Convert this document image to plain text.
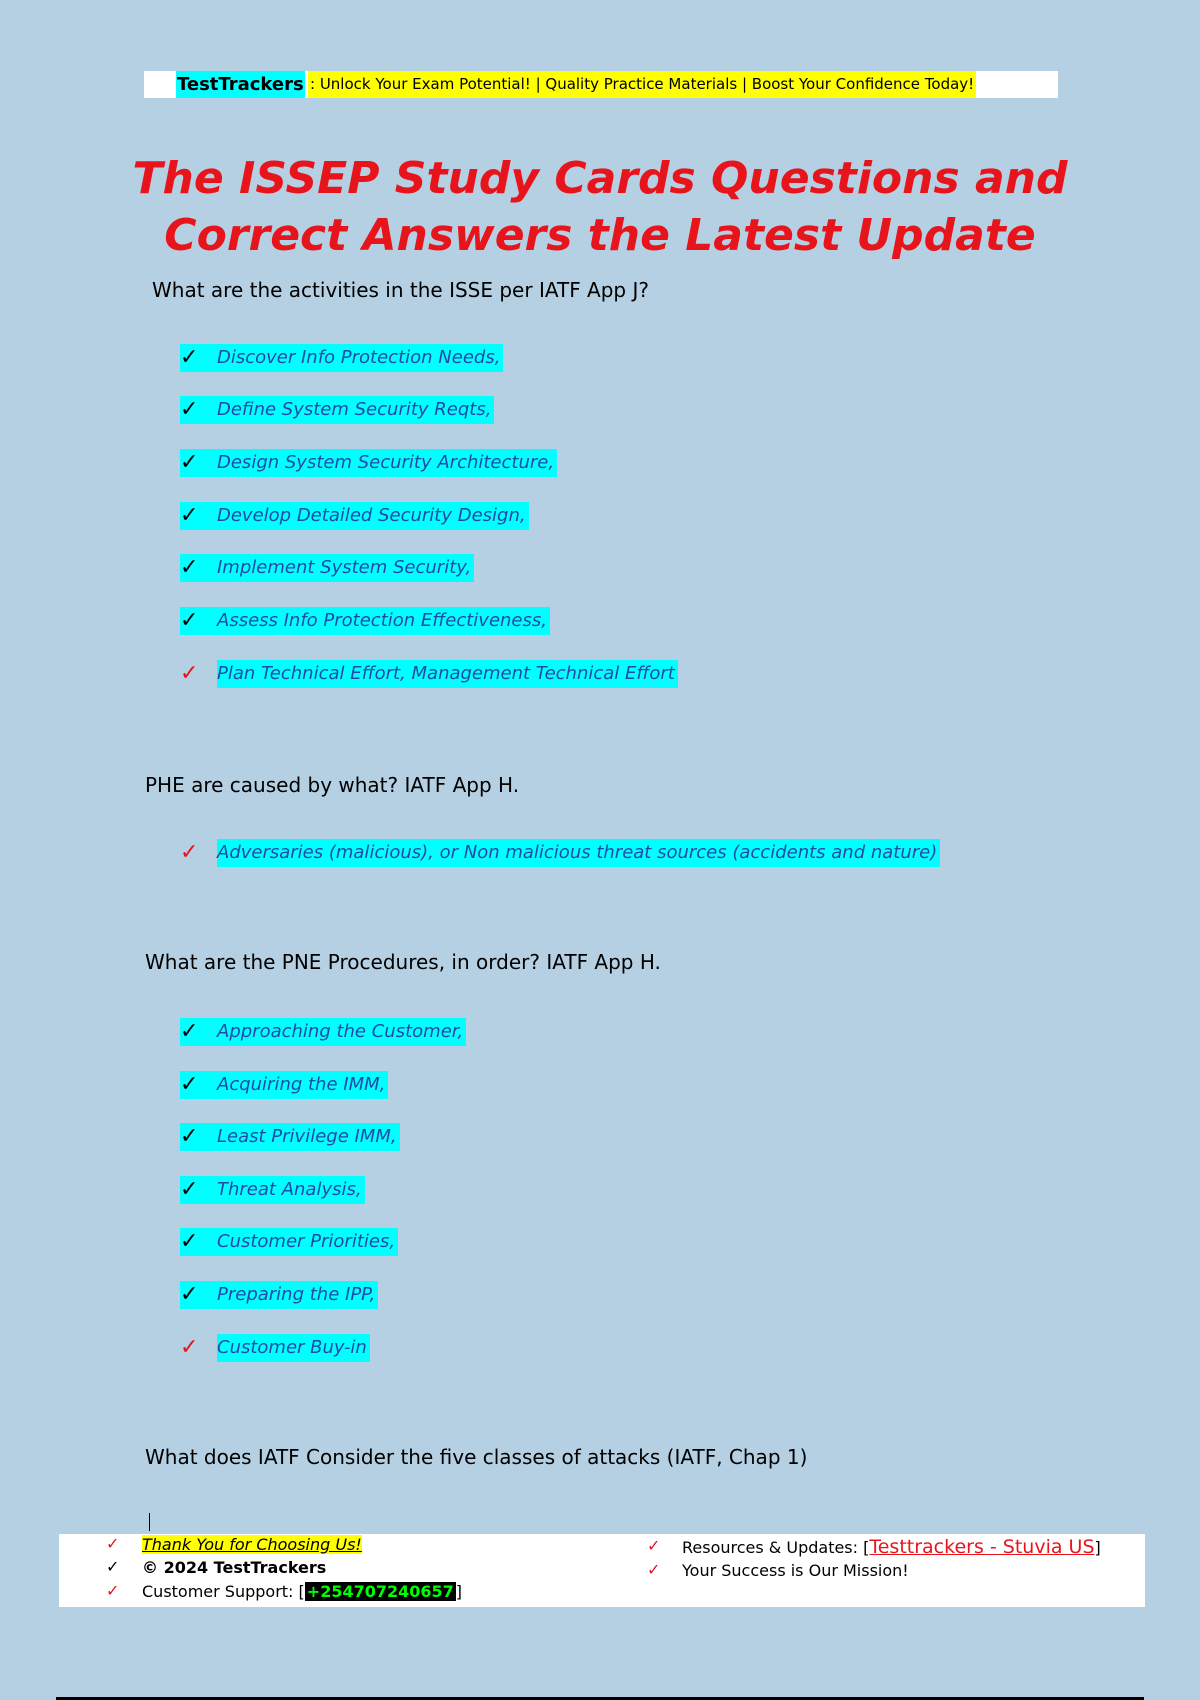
TestTrackers : Unlock Your Exam Potential! | Quality Practice Materials | Boost Your Confidence Today!
The ISSEP Study Cards Questions and
Correct Answers the Latest Update
What are the activities in the ISSE per IATF App J?
✓	Discover Info Protection Needs,
✓	Define System Security Reqts,
✓	Design System Security Architecture,
✓	Develop Detailed Security Design,
✓	Implement System Security,
✓	Assess Info Protection Effectiveness,
✓	Plan Technical Effort, Management Technical Effort
PHE are caused by what? IATF App H.
✓	Adversaries (malicious), or Non malicious threat sources (accidents and nature)
What are the PNE Procedures, in order? IATF App H.
✓	Approaching the Customer,
✓	Acquiring the IMM,
✓	Least Privilege IMM,
✓	Threat Analysis,
✓	Customer Priorities,
✓	Preparing the IPP,
✓	Customer Buy-in
What does IATF Consider the five classes of attacks (IATF, Chap 1)
✓ Thank You for Choosing Us!
✓ © 2024 TestTrackers
✓ Customer Support: [ +254707240657 ]
✓ Resources & Updates: [Testtrackers - Stuvia US]
✓ Your Success is Our Mission!
